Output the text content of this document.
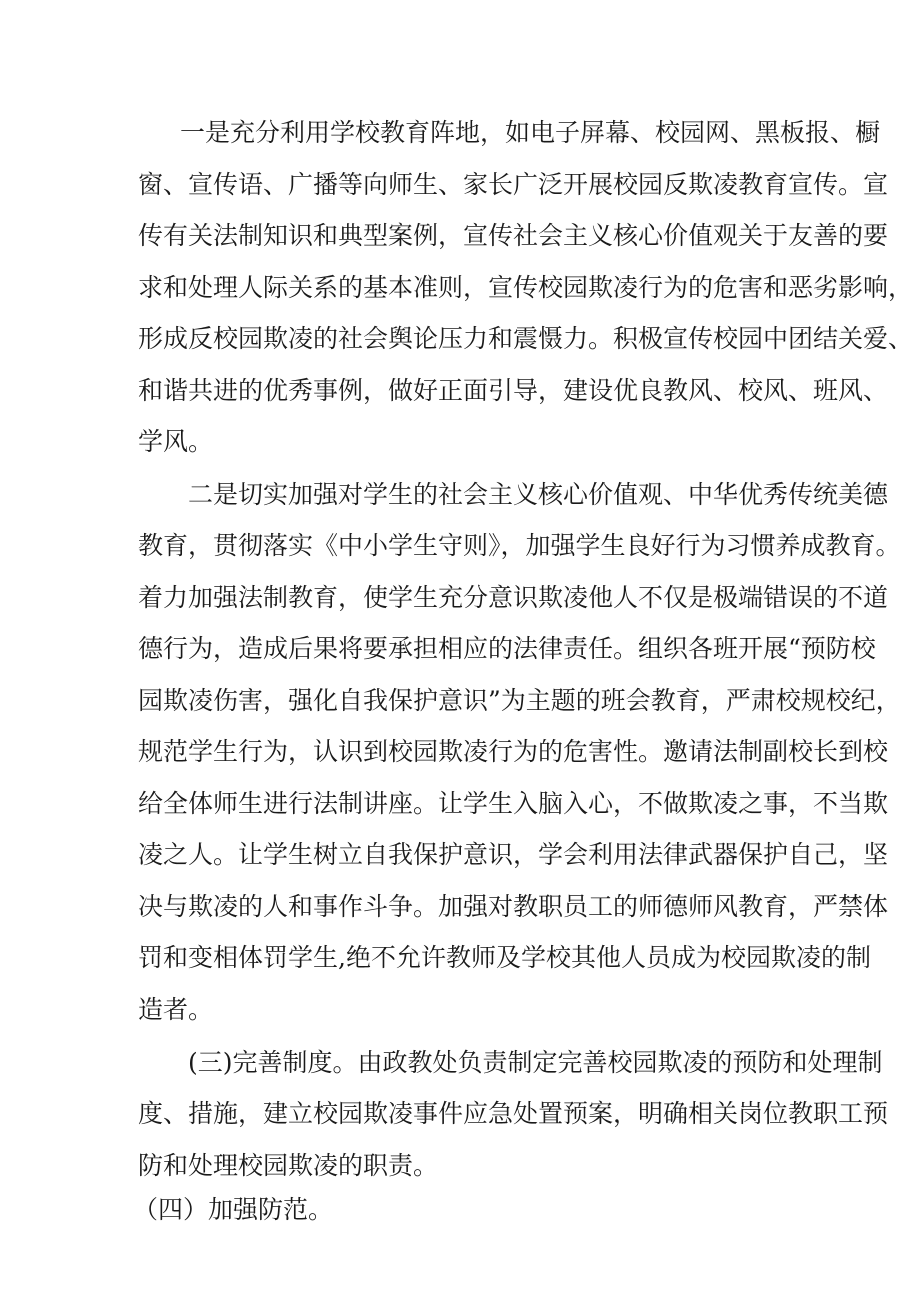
一是充分利用学校教育阵地，如电子屏幕、校园网、黑板报、橱
窗、宣传语、广播等向师生、家长广泛开展校园反欺凌教育宣传。宣
传有关法制知识和典型案例，宣传社会主义核心价值观关于友善的要
求和处理人际关系的基本准则，宣传校园欺凌行为的危害和恶劣影响，
形成反校园欺凌的社会舆论压力和震慑力。积极宣传校园中团结关爱、
和谐共进的优秀事例，做好正面引导，建设优良教风、校风、班风、
学风。
二是切实加强对学生的社会主义核心价值观、中华优秀传统美德
教育，贯彻落实《中小学生守则》，加强学生良好行为习惯养成教育。
着力加强法制教育，使学生充分意识欺凌他人不仅是极端错误的不道
德行为，造成后果将要承担相应的法律责任。组织各班开展“预防校
园欺凌伤害，强化自我保护意识”为主题的班会教育，严肃校规校纪，
规范学生行为，认识到校园欺凌行为的危害性。邀请法制副校长到校
给全体师生进行法制讲座。让学生入脑入心，不做欺凌之事，不当欺
凌之人。让学生树立自我保护意识，学会利用法律武器保护自己，坚
决与欺凌的人和事作斗争。加强对教职员工的师德师风教育，严禁体
罚和变相体罚学生,绝不允许教师及学校其他人员成为校园欺凌的制
造者。
(三)完善制度。由政教处负责制定完善校园欺凌的预防和处理制
度、措施，建立校园欺凌事件应急处置预案，明确相关岗位教职工预
防和处理校园欺凌的职责。
（四）加强防范。
